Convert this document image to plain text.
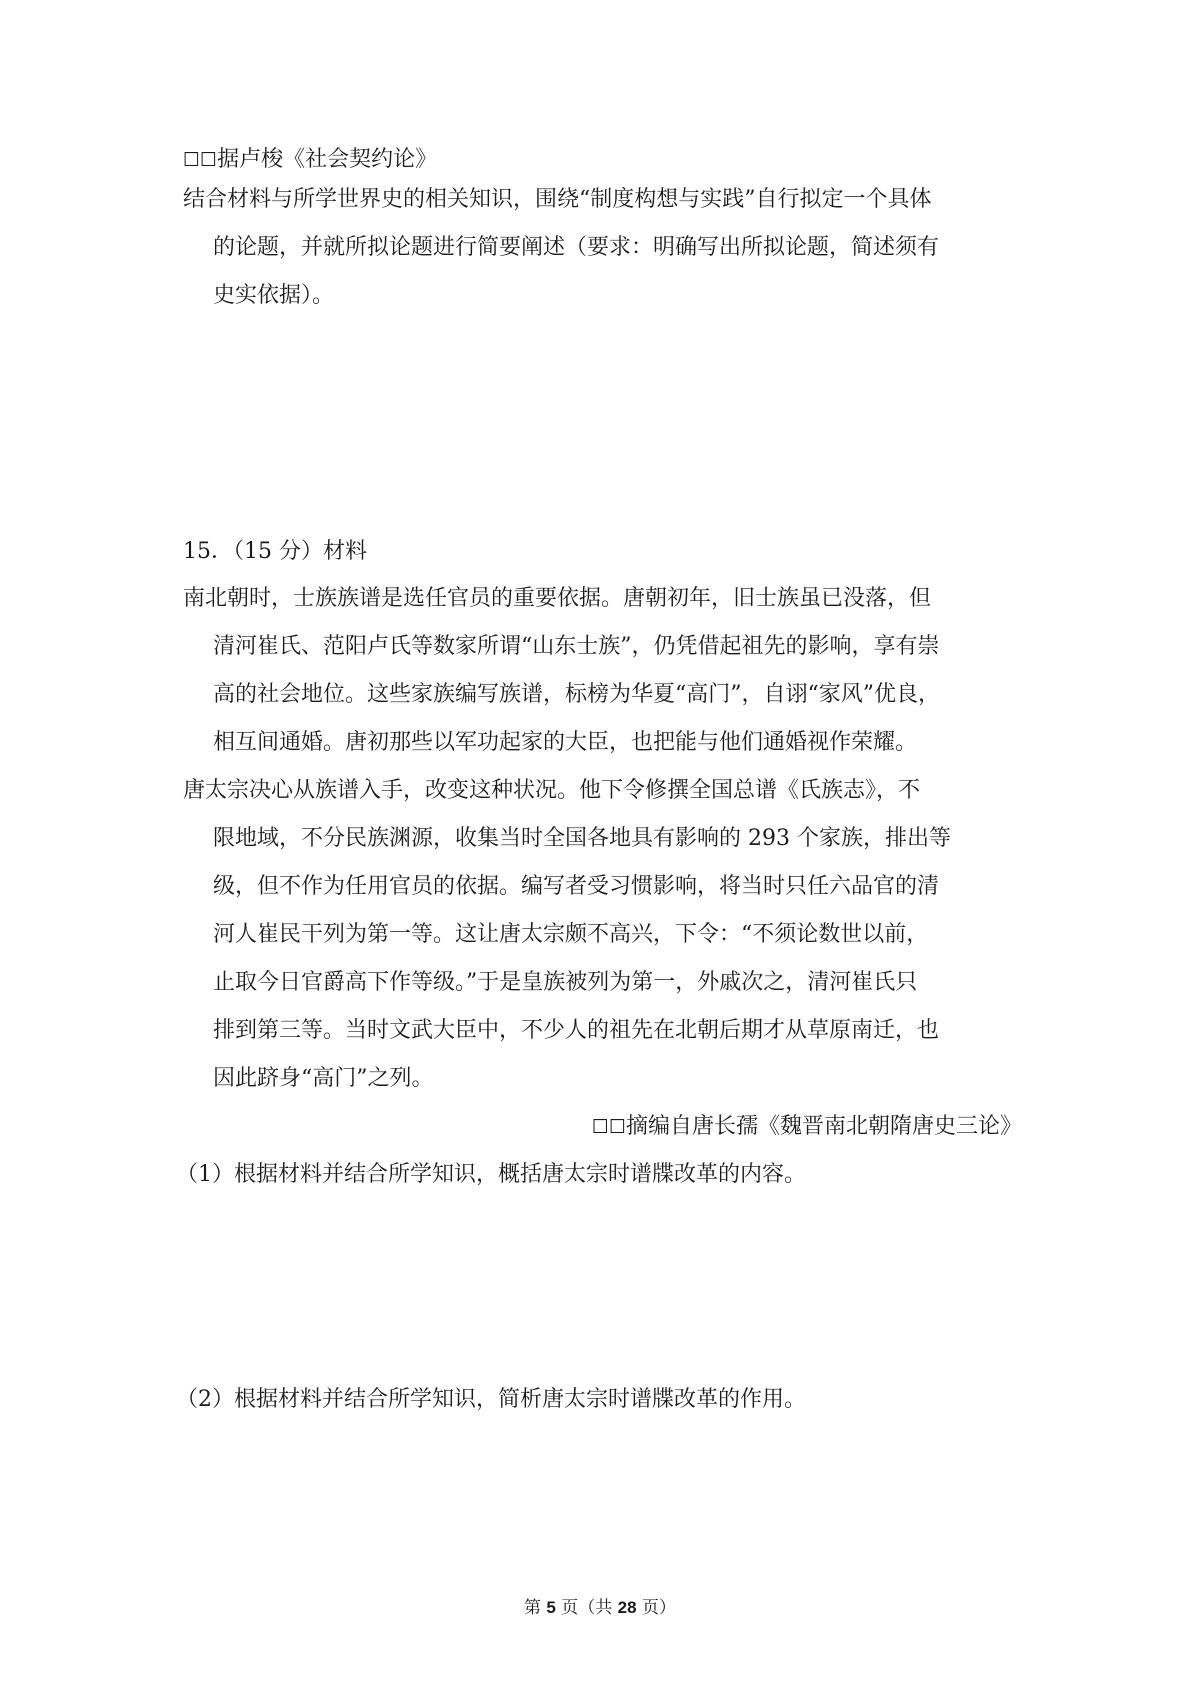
☐☐据卢梭《社会契约论》
结合材料与所学世界史的相关知识，围绕“制度构想与实践”自行拟定一个具体
的论题，并就所拟论题进行简要阐述（要求：明确写出所拟论题，简述须有
史实依据）。
15．（15 分）材料
南北朝时，士族族谱是选任官员的重要依据。唐朝初年，旧士族虽已没落，但
清河崔氏、范阳卢氏等数家所谓“山东士族”，仍凭借起祖先的影响，享有崇
高的社会地位。这些家族编写族谱，标榜为华夏“高门”，自诩“家风”优良，
相互间通婚。唐初那些以军功起家的大臣，也把能与他们通婚视作荣耀。
唐太宗决心从族谱入手，改变这种状况。他下令修撰全国总谱《氏族志》，不
限地域，不分民族渊源，收集当时全国各地具有影响的 293 个家族，排出等
级，但不作为任用官员的依据。编写者受习惯影响，将当时只任六品官的清
河人崔民干列为第一等。这让唐太宗颇不高兴，下令：“不须论数世以前，
止取今日官爵高下作等级。”于是皇族被列为第一，外戚次之，清河崔氏只
排到第三等。当时文武大臣中，不少人的祖先在北朝后期才从草原南迁，也
因此跻身“高门”之列。
☐☐摘编自唐长孺《魏晋南北朝隋唐史三论》
（1）根据材料并结合所学知识，概括唐太宗时谱牒改革的内容。
（2）根据材料并结合所学知识，简析唐太宗时谱牒改革的作用。
第 5 页（共 28 页）
